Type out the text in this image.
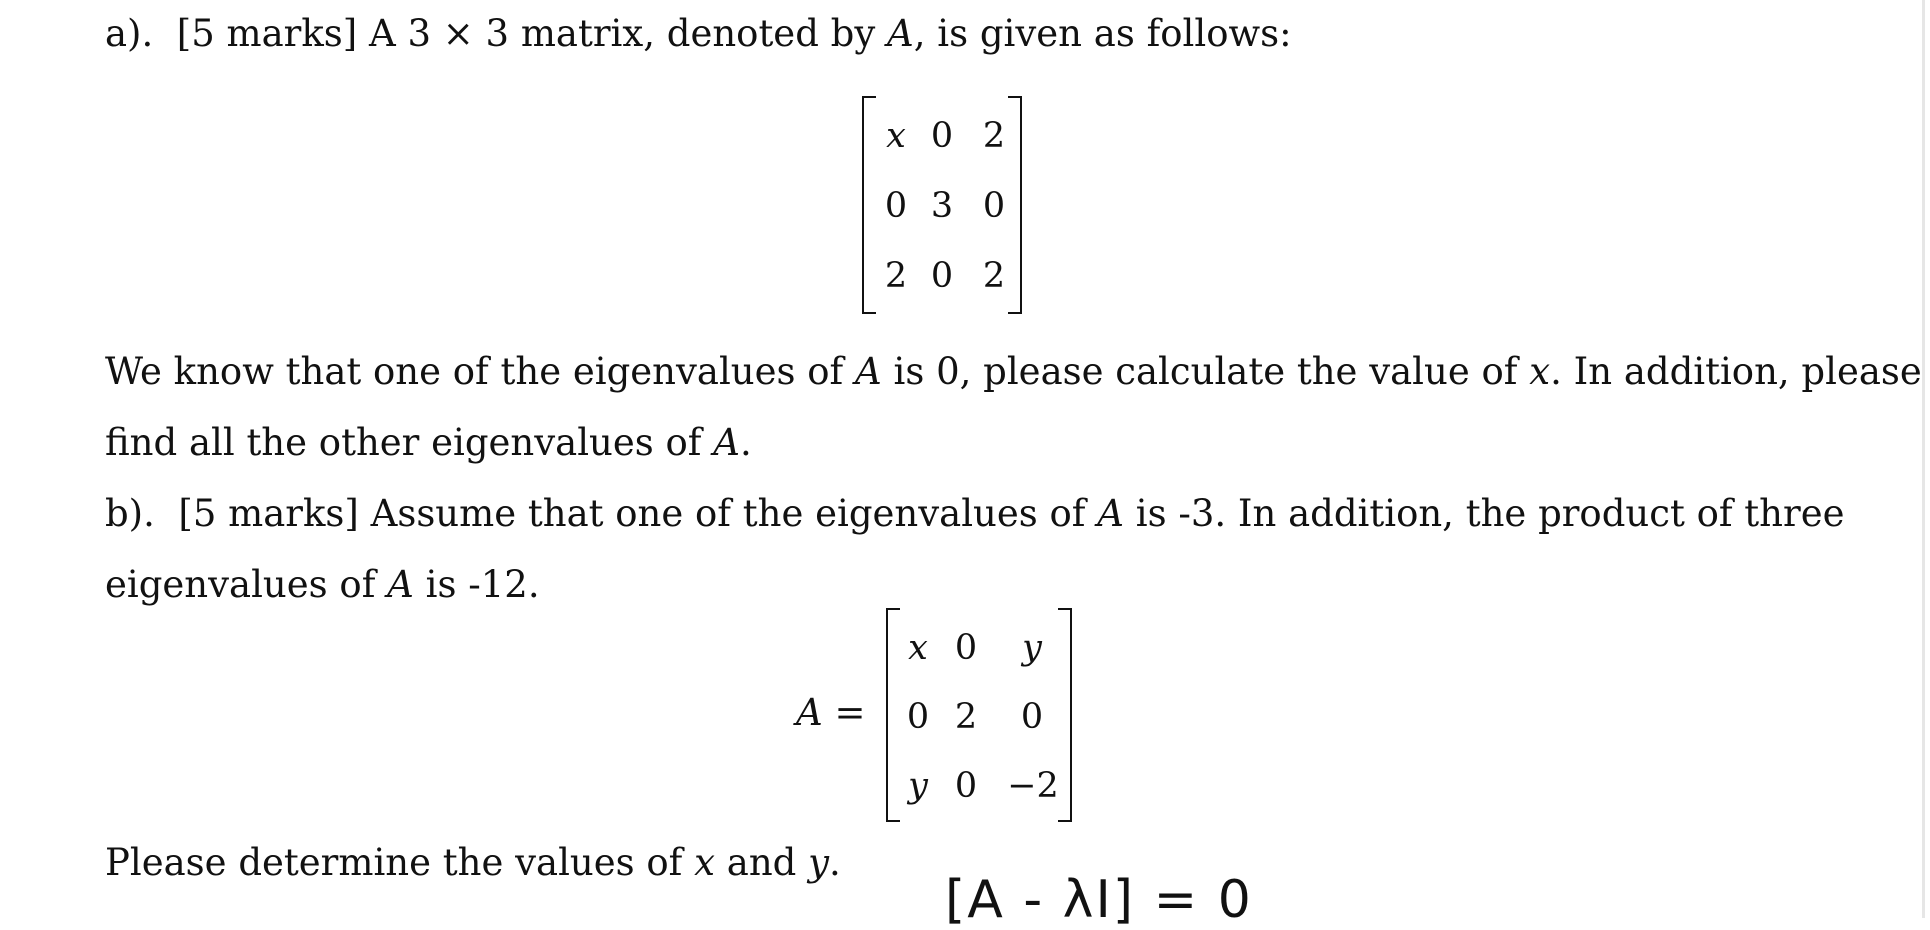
a). [5 marks] A 3 × 3 matrix, denoted by A, is given as follows:

x 0 2
0 3 0
2 0 2

We know that one of the eigenvalues of A is 0, please calculate the value of x. In addition, please

find all the other eigenvalues of A.

b). [5 marks] Assume that one of the eigenvalues of A is -3. In addition, the product of three

eigenvalues of A is -12.

A =
x 0	y
0 2	0
y 0 −2

Please determine the values of x and y.

[A - λI] = 0
